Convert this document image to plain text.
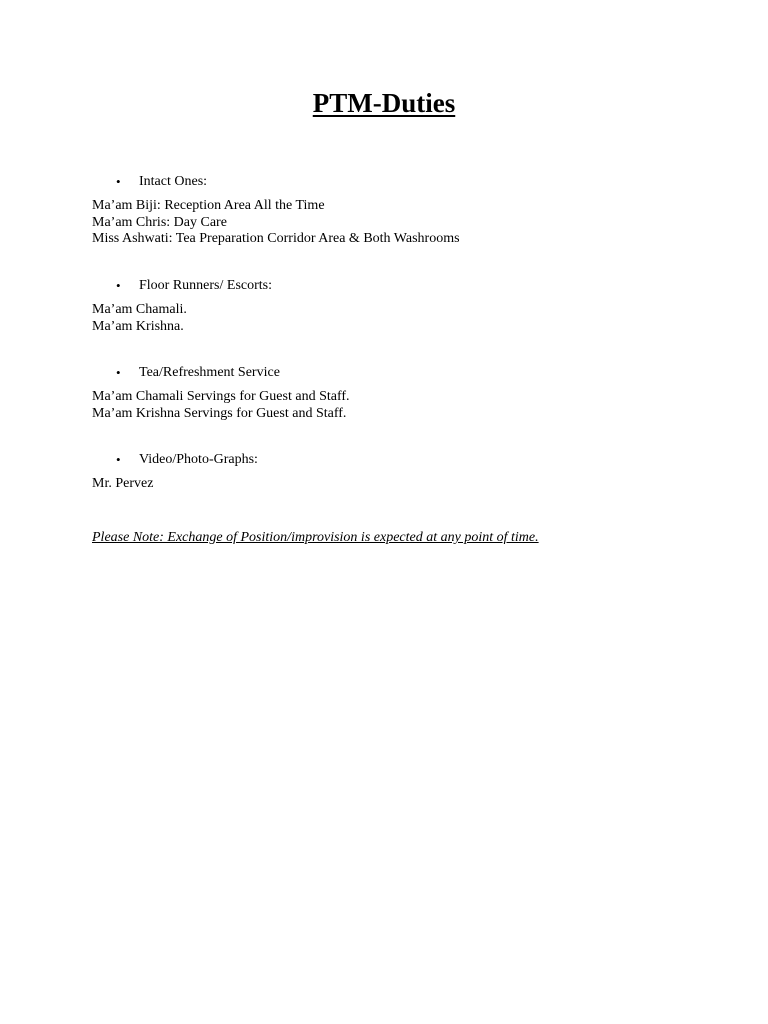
PTM-Duties
• Intact Ones:
Ma’am Biji: Reception Area All the Time
Ma’am Chris: Day Care
Miss Ashwati: Tea Preparation Corridor Area & Both Washrooms
• Floor Runners/ Escorts:
Ma’am Chamali.
Ma’am Krishna.
• Tea/Refreshment Service
Ma’am Chamali Servings for Guest and Staff.
Ma’am Krishna Servings for Guest and Staff.
• Video/Photo-Graphs:
Mr. Pervez
Please Note: Exchange of Position/improvision is expected at any point of time.
